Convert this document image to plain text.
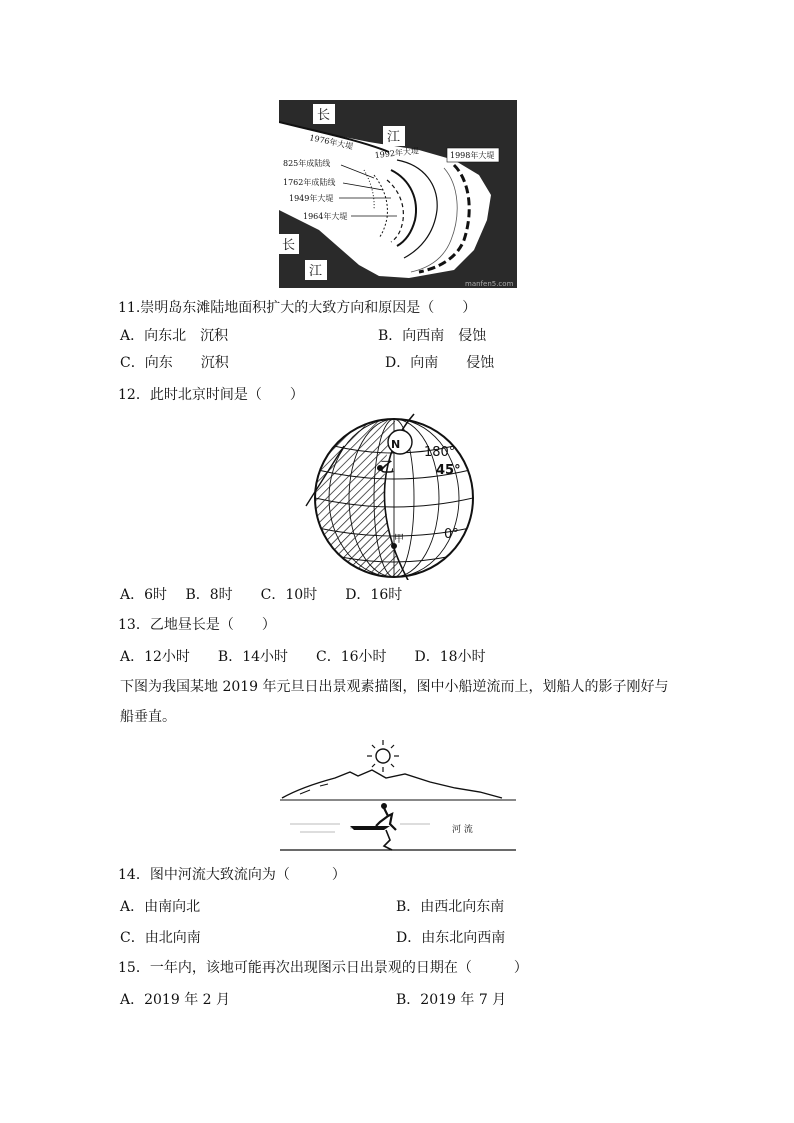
长
江
长
江
1976年大堤
1992年大堤	1998年大堤
825年成陆线
1762年成陆线
1949年大堤
1964年大堤
manfen5.com
11.崇明岛东滩陆地面积扩大的大致方向和原因是（　　）
A．向东北　沉积	B．向西南　侵蚀
C．向东　　沉积	D．向南　　侵蚀
12．此时北京时间是（　　）
N
180°
45°
乙
0°
甲
A．6时　 B．8时　　C．10时　　D．16时
13．乙地昼长是（　　）
A．12小时　　B．14小时　　C．16小时　　D．18小时
下图为我国某地 2019 年元旦日出景观素描图，图中小船逆流而上，划船人的影子刚好与船垂直。
河 流
14．图中河流大致流向为（　　　）
A．由南向北	B．由西北向东南
C．由北向南	D．由东北向西南
15．一年内，该地可能再次出现图示日出景观的日期在（　　　）
A．2019 年 2 月	B．2019 年 7 月
